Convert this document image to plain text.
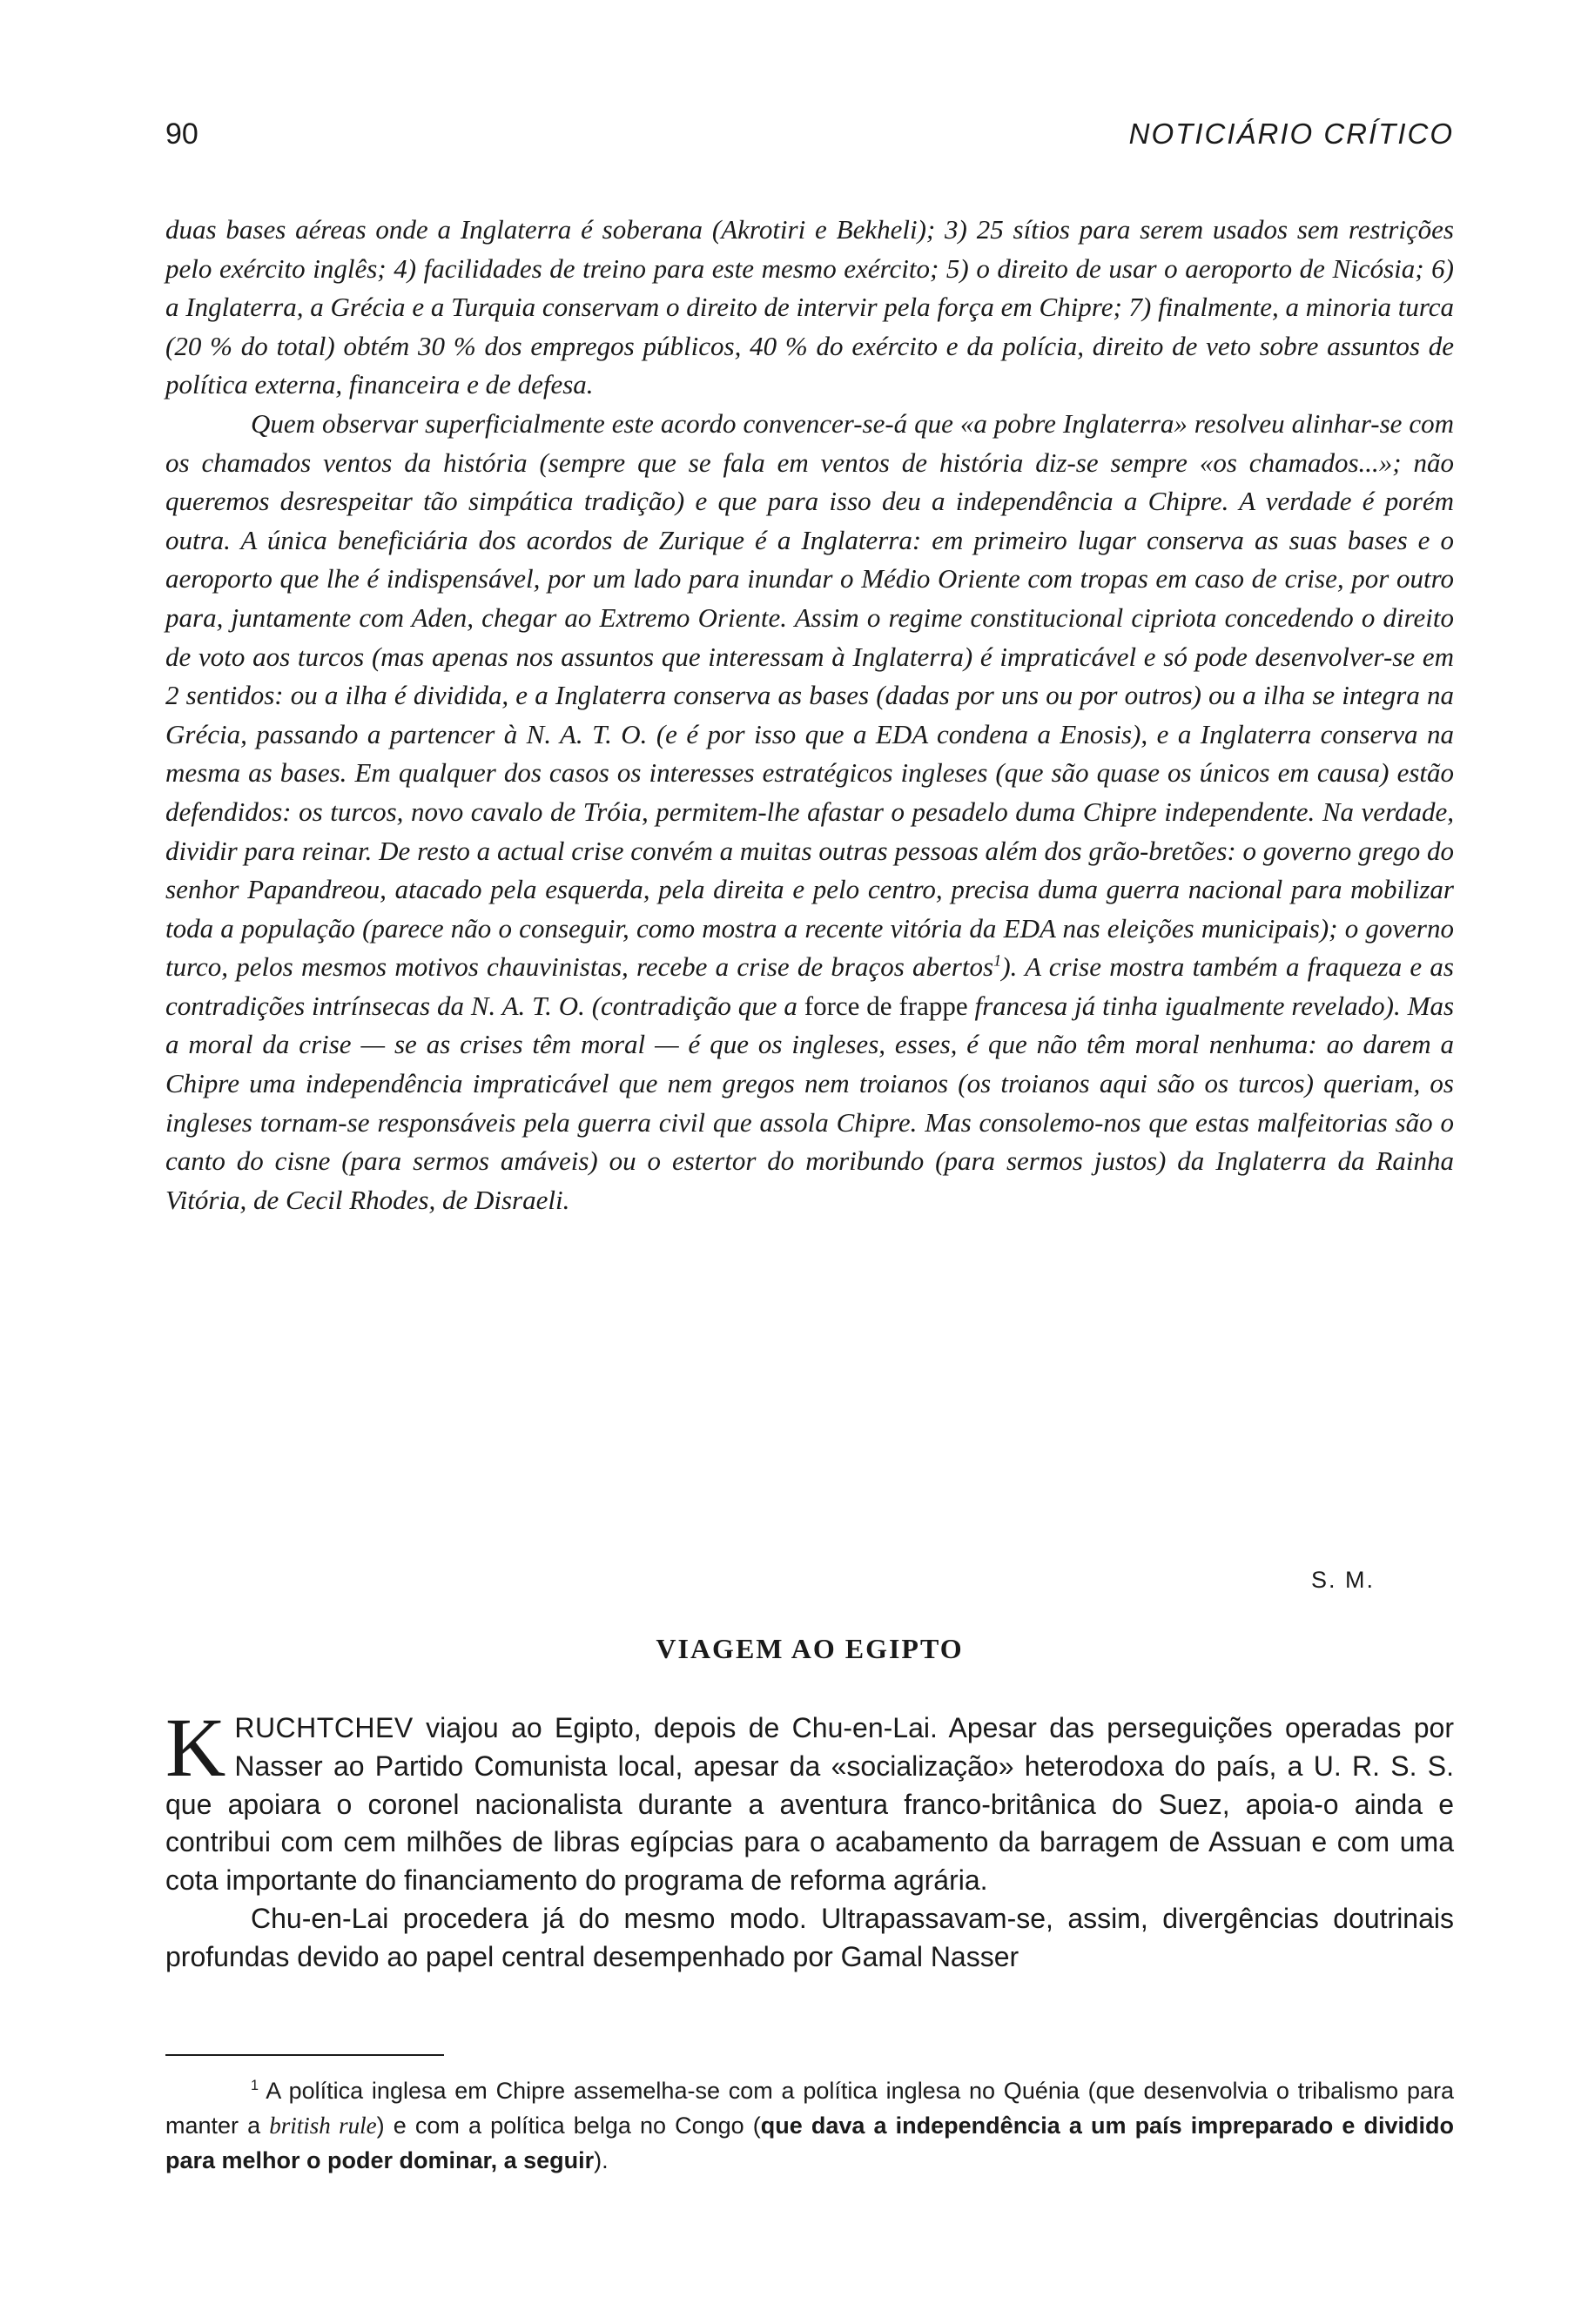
90	NOTICIÁRIO CRÍTICO

duas bases aéreas onde a Inglaterra é soberana (Akrotiri e Bekheli); 3) 25 sítios para serem usados sem restrições pelo exército inglês; 4) facilidades de treino para este mesmo exército; 5) o direito de usar o aeroporto de Nicósia; 6) a Inglaterra, a Grécia e a Turquia conservam o direito de intervir pela força em Chipre; 7) finalmente, a minoria turca (20 % do total) obtém 30 % dos empregos públicos, 40 % do exército e da polícia, direito de veto sobre assuntos de política externa, financeira e de defesa.

Quem observar superficialmente este acordo convencer-se-á que «a pobre Inglaterra» resolveu alinhar-se com os chamados ventos da história (sempre que se fala em ventos de história diz-se sempre «os chamados...»; não queremos desrespeitar tão simpática tradição) e que para isso deu a independência a Chipre. A verdade é porém outra. A única beneficiária dos acordos de Zurique é a Inglaterra: em primeiro lugar conserva as suas bases e o aeroporto que lhe é indispensável, por um lado para inundar o Médio Oriente com tropas em caso de crise, por outro para, juntamente com Aden, chegar ao Extremo Oriente. Assim o regime constitucional cipriota concedendo o direito de voto aos turcos (mas apenas nos assuntos que interessam à Inglaterra) é impraticável e só pode desenvolver-se em 2 sentidos: ou a ilha é dividida, e a Inglaterra conserva as bases (dadas por uns ou por outros) ou a ilha se integra na Grécia, passando a partencer à N. A. T. O. (e é por isso que a EDA condena a Enosis), e a Inglaterra conserva na mesma as bases. Em qualquer dos casos os interesses estratégicos ingleses (que são quase os únicos em causa) estão defendidos: os turcos, novo cavalo de Tróia, permitem-lhe afastar o pesadelo duma Chipre independente. Na verdade, dividir para reinar. De resto a actual crise convém a muitas outras pessoas além dos grão-bretões: o governo grego do senhor Papandreou, atacado pela esquerda, pela direita e pelo centro, precisa duma guerra nacional para mobilizar toda a população (parece não o conseguir, como mostra a recente vitória da EDA nas eleições municipais); o governo turco, pelos mesmos motivos chauvinistas, recebe a crise de braços abertos$^1$). A crise mostra também a fraqueza e as contradições intrínsecas da N. A. T. O. (contradição que a force de frappe francesa já tinha igualmente revelado). Mas a moral da crise — se as crises têm moral — é que os ingleses, esses, é que não têm moral nenhuma: ao darem a Chipre uma independência impraticável que nem gregos nem troianos (os troianos aqui são os turcos) queriam, os ingleses tornam-se responsáveis pela guerra civil que assola Chipre. Mas consolemo-nos que estas malfeitorias são o canto do cisne (para sermos amáveis) ou o estertor do moribundo (para sermos justos) da Inglaterra da Rainha Vitória, de Cecil Rhodes, de Disraeli.

S. M.
VIAGEM AO EGIPTO

KRUCHTCHEV viajou ao Egipto, depois de Chu-en-Lai. Apesar das perseguições operadas por Nasser ao Partido Comunista local, apesar da «socialização» heterodoxa do país, a U. R. S. S. que apoiara o coronel nacionalista durante a aventura franco-britânica do Suez, apoia-o ainda e contribui com cem milhões de libras egípcias para o acabamento da barragem de Assuan e com uma cota importante do financiamento do programa de reforma agrária.

Chu-en-Lai procedera já do mesmo modo. Ultrapassavam-se, assim, divergências doutrinais profundas devido ao papel central desempenhado por Gamal Nasser

$^1$ A política inglesa em Chipre assemelha-se com a política inglesa no Quénia (que desenvolvia o tribalismo para manter a british rule) e com a política belga no Congo (que dava a independência a um país impreparado e dividido para melhor o poder dominar, a seguir).
